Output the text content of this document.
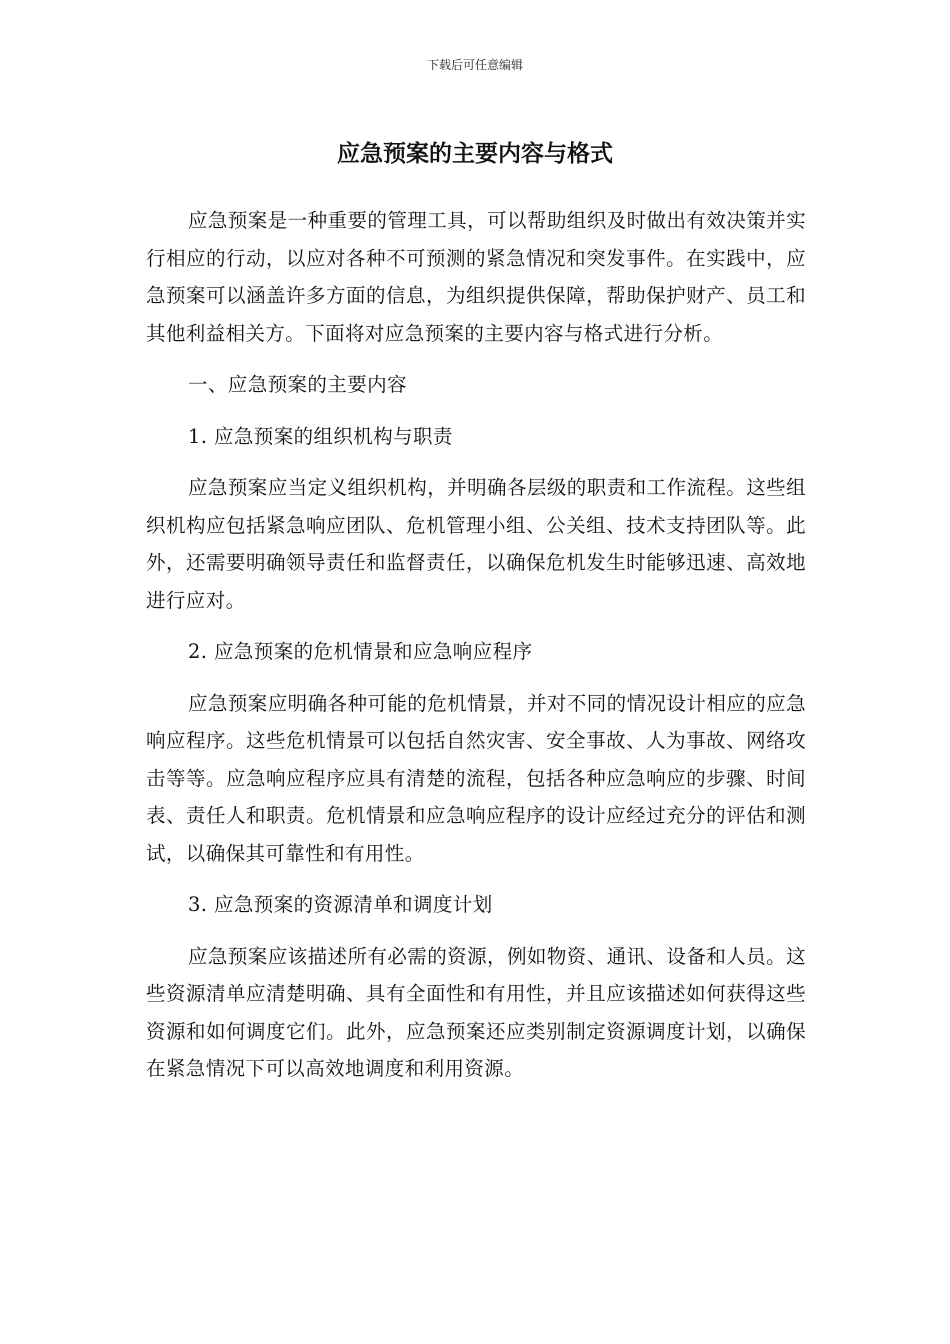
下载后可任意编辑
应急预案的主要内容与格式

应急预案是一种重要的管理工具，可以帮助组织及时做出有效决策并实行相应的行动，以应对各种不可预测的紧急情况和突发事件。在实践中，应急预案可以涵盖许多方面的信息，为组织提供保障，帮助保护财产、员工和其他利益相关方。下面将对应急预案的主要内容与格式进行分析。

一、应急预案的主要内容

1. 应急预案的组织机构与职责

应急预案应当定义组织机构，并明确各层级的职责和工作流程。这些组织机构应包括紧急响应团队、危机管理小组、公关组、技术支持团队等。此外，还需要明确领导责任和监督责任，以确保危机发生时能够迅速、高效地进行应对。

2. 应急预案的危机情景和应急响应程序

应急预案应明确各种可能的危机情景，并对不同的情况设计相应的应急响应程序。这些危机情景可以包括自然灾害、安全事故、人为事故、网络攻击等等。应急响应程序应具有清楚的流程，包括各种应急响应的步骤、时间表、责任人和职责。危机情景和应急响应程序的设计应经过充分的评估和测试，以确保其可靠性和有用性。

3. 应急预案的资源清单和调度计划

应急预案应该描述所有必需的资源，例如物资、通讯、设备和人员。这些资源清单应清楚明确、具有全面性和有用性，并且应该描述如何获得这些资源和如何调度它们。此外，应急预案还应类别制定资源调度计划，以确保在紧急情况下可以高效地调度和利用资源。
